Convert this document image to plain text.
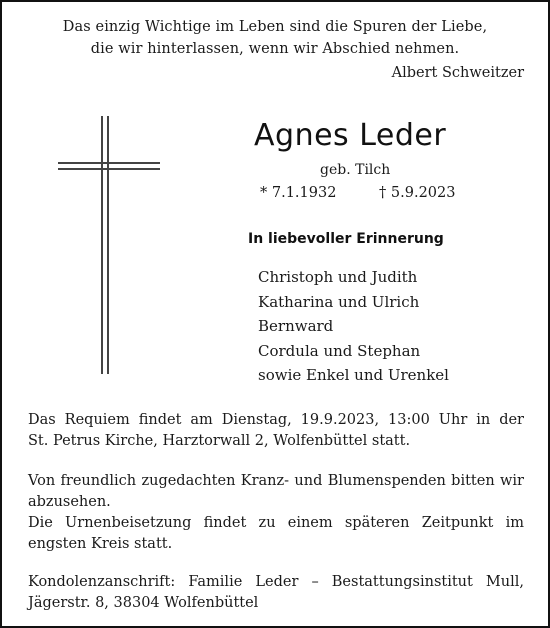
Das einzig Wichtige im Leben sind die Spuren der Liebe,
die wir hinterlassen, wenn wir Abschied nehmen.
Albert Schweitzer
Agnes Leder
geb. Tilch
* 7.1.1932	† 5.9.2023
In liebevoller Erinnerung
Christoph und Judith
Katharina und Ulrich
Bernward
Cordula und Stephan
sowie Enkel und Urenkel
Das Requiem findet am Dienstag, 19.9.2023, 13:00 Uhr in der
St. Petrus Kirche, Harztorwall 2, Wolfenbüttel statt.
Von freundlich zugedachten Kranz- und Blumenspenden bitten wir
abzusehen.
Die Urnenbeisetzung findet zu einem späteren Zeitpunkt im
engsten Kreis statt.
Kondolenzanschrift: Familie Leder – Bestattungsinstitut Mull,
Jägerstr. 8, 38304 Wolfenbüttel
